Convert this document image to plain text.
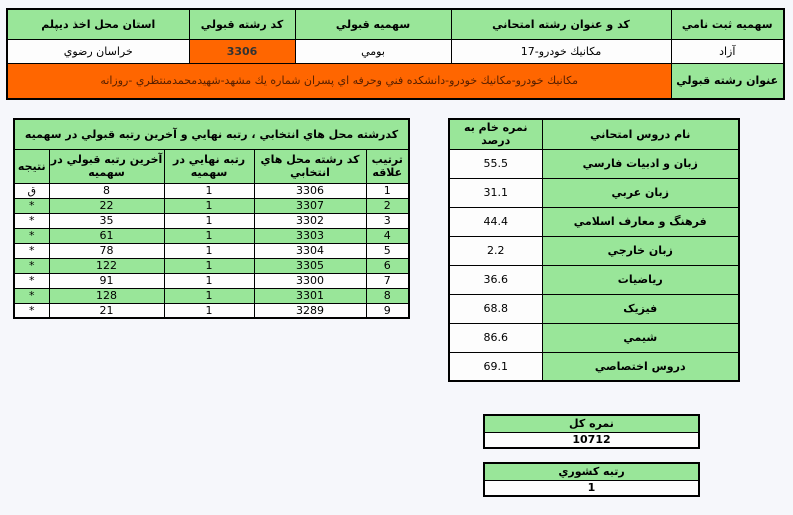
سهميه ثبت نامي	کد و عنوان رشته امتحاني	سهميه قبولي	کد رشته قبولي	استان محل اخذ ديپلم
آزاد	17-مکانيك خودرو	بومي	3306	خراسان رضوي
عنوان رشته قبولي	مکانيك خودرو-مکانيك خودرو-دانشکده فني وحرفه اي پسران شماره يك مشهد-شهيدمحمدمنتظري -روزانه			
کدرشته محل هاي انتخابي ، رتبه نهايي و آخرين رتبه قبولي در سهميه				
ترتيب علاقه	کد رشته محل هاي انتخابي	رتبه نهايي در سهميه	آخرين رتبه قبولي در سهميه	نتيجه
1	3306	1	8	ق
2	3307	1	22	*
3	3302	1	35	*
4	3303	1	61	*
5	3304	1	78	*
6	3305	1	122	*
7	3300	1	91	*
8	3301	1	128	*
9	3289	1	21	*
نام دروس امتحاني	نمره خام به درصد
زبان و ادبيات فارسي	55.5
زبان عربي	31.1
فرهنگ و معارف اسلامي	44.4
زبان خارجي	2.2
رياضيات	36.6
فيزيک	68.8
شيمي	86.6
دروس اختصاصي	69.1
نمره کل
10712
رتبه کشوري
1
